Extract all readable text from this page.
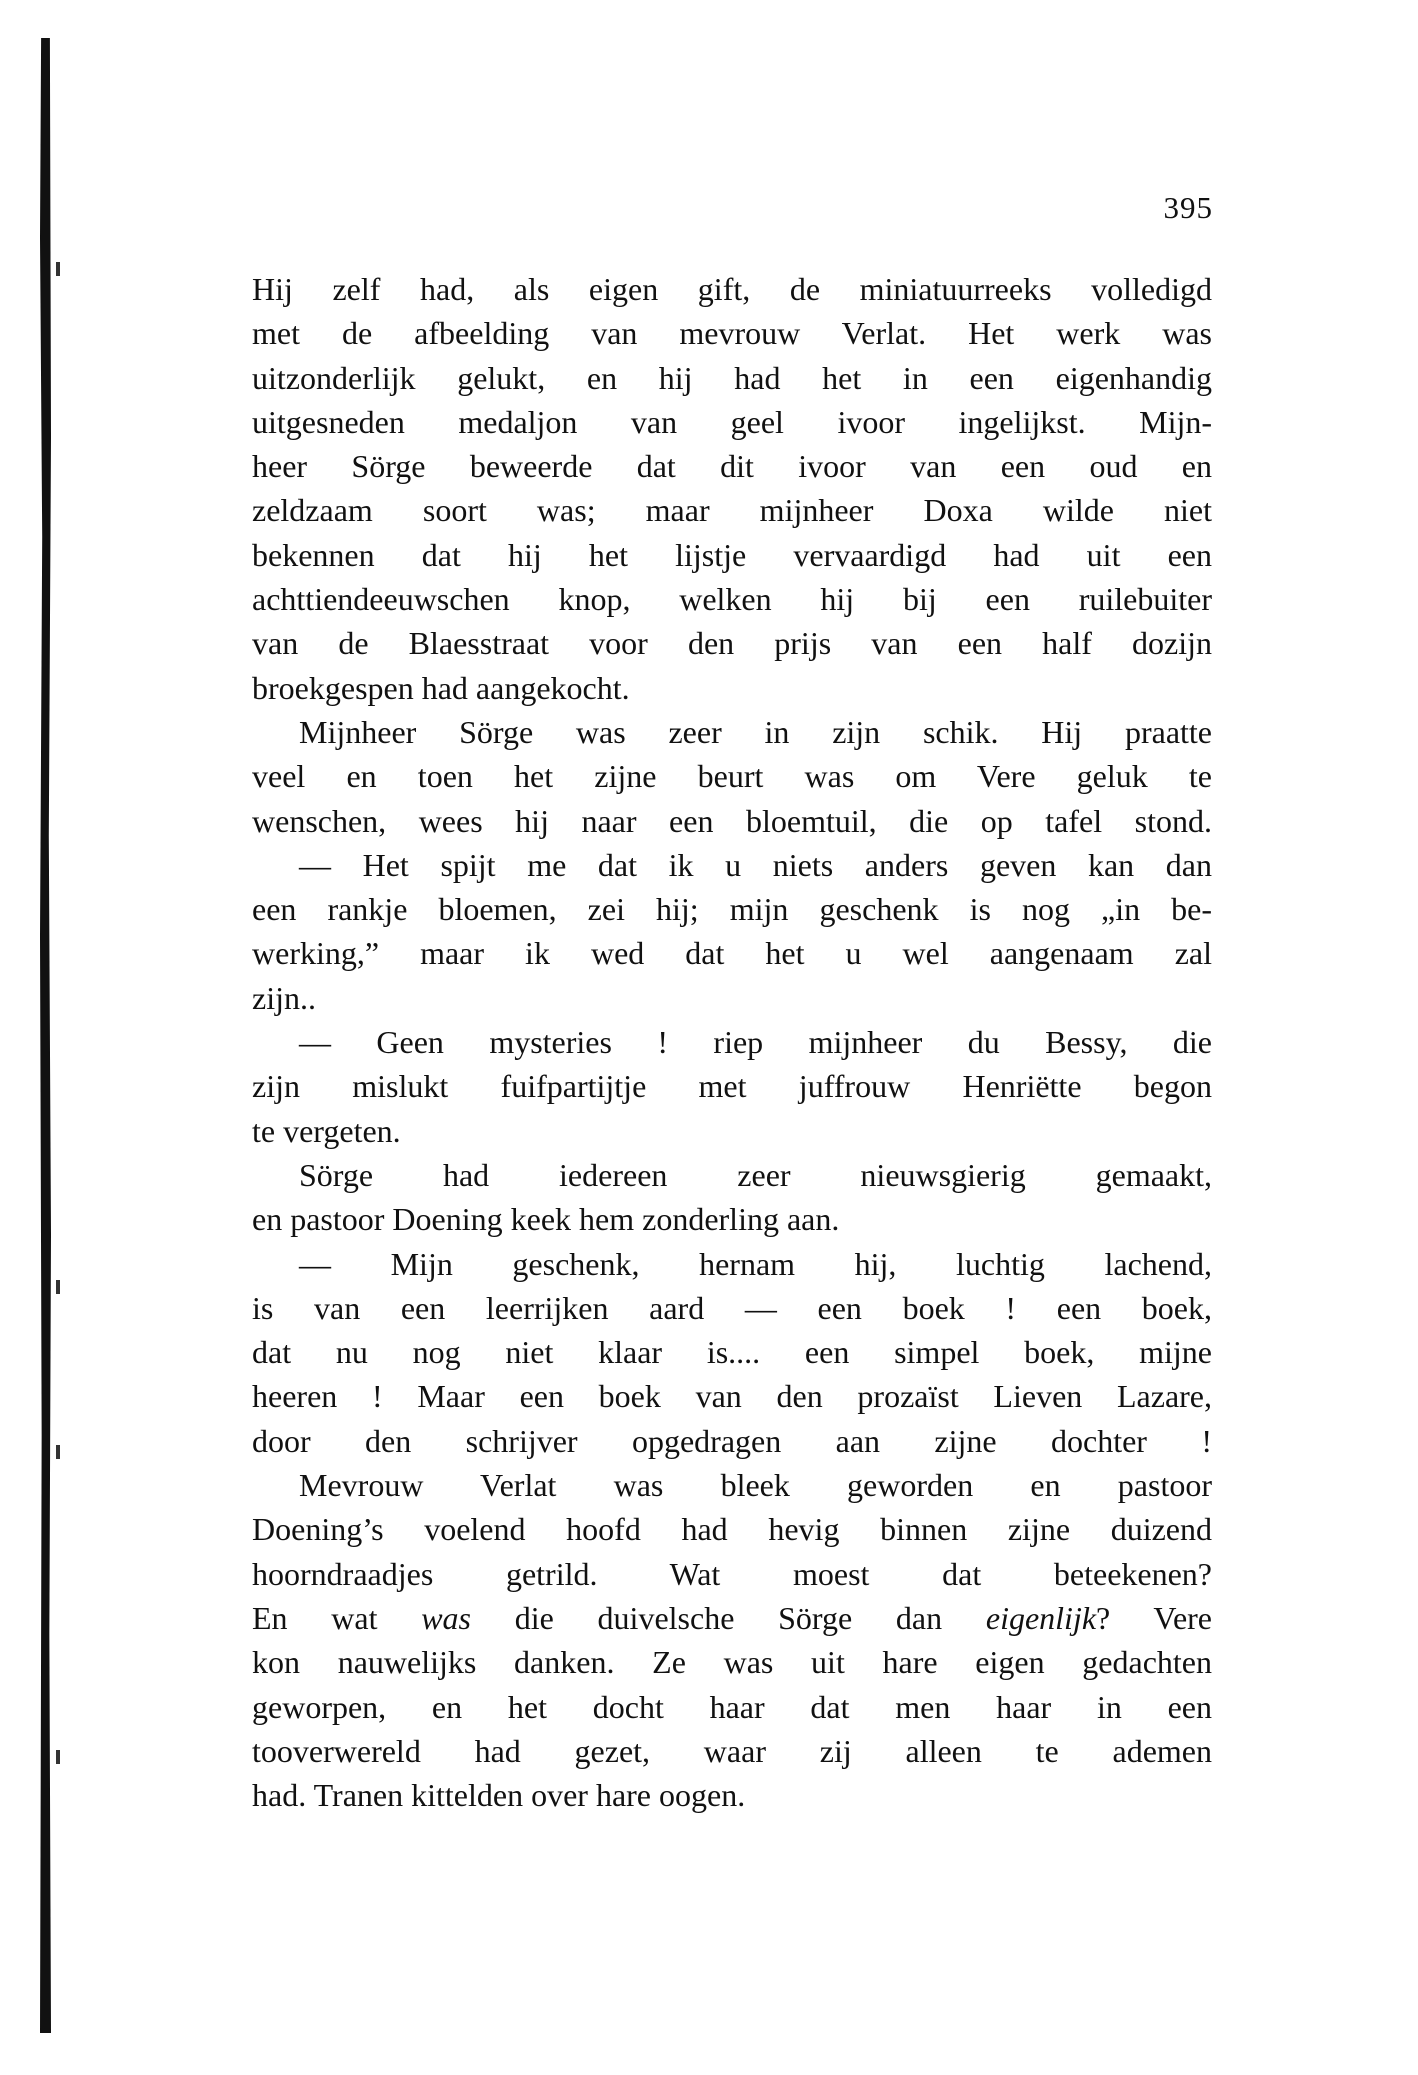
395
Hij zelf had, als eigen gift, de miniatuurreeks volledigd
met de afbeelding van mevrouw Verlat. Het werk was
uitzonderlijk gelukt, en hij had het in een eigenhandig
uitgesneden medaljon van geel ivoor ingelijkst. Mijn-
heer Sörge beweerde dat dit ivoor van een oud en
zeldzaam soort was; maar mijnheer Doxa wilde niet
bekennen dat hij het lijstje vervaardigd had uit een
achttiendeeuwschen knop, welken hij bij een ruilebuiter
van de Blaesstraat voor den prijs van een half dozijn
broekgespen had aangekocht.
Mijnheer Sörge was zeer in zijn schik. Hij praatte
veel en toen het zijne beurt was om Vere geluk te
wenschen, wees hij naar een bloemtuil, die op tafel stond.
— Het spijt me dat ik u niets anders geven kan dan
een rankje bloemen, zei hij; mijn geschenk is nog „in be-
werking,” maar ik wed dat het u wel aangenaam zal
zijn..
— Geen mysteries ! riep mijnheer du Bessy, die
zijn mislukt fuifpartijtje met juffrouw Henriëtte begon
te vergeten.
Sörge had iedereen zeer nieuwsgierig gemaakt,
en pastoor Doening keek hem zonderling aan.
— Mijn geschenk, hernam hij, luchtig lachend,
is van een leerrijken aard — een boek ! een boek,
dat nu nog niet klaar is.... een simpel boek, mijne
heeren ! Maar een boek van den prozaïst Lieven Lazare,
door den schrijver opgedragen aan zijne dochter !
Mevrouw Verlat was bleek geworden en pastoor
Doening’s voelend hoofd had hevig binnen zijne duizend
hoorndraadjes getrild. Wat moest dat beteekenen?
En wat was die duivelsche Sörge dan eigenlijk? Vere
kon nauwelijks danken. Ze was uit hare eigen gedachten
geworpen, en het docht haar dat men haar in een
tooverwereld had gezet, waar zij alleen te ademen
had. Tranen kittelden over hare oogen.
